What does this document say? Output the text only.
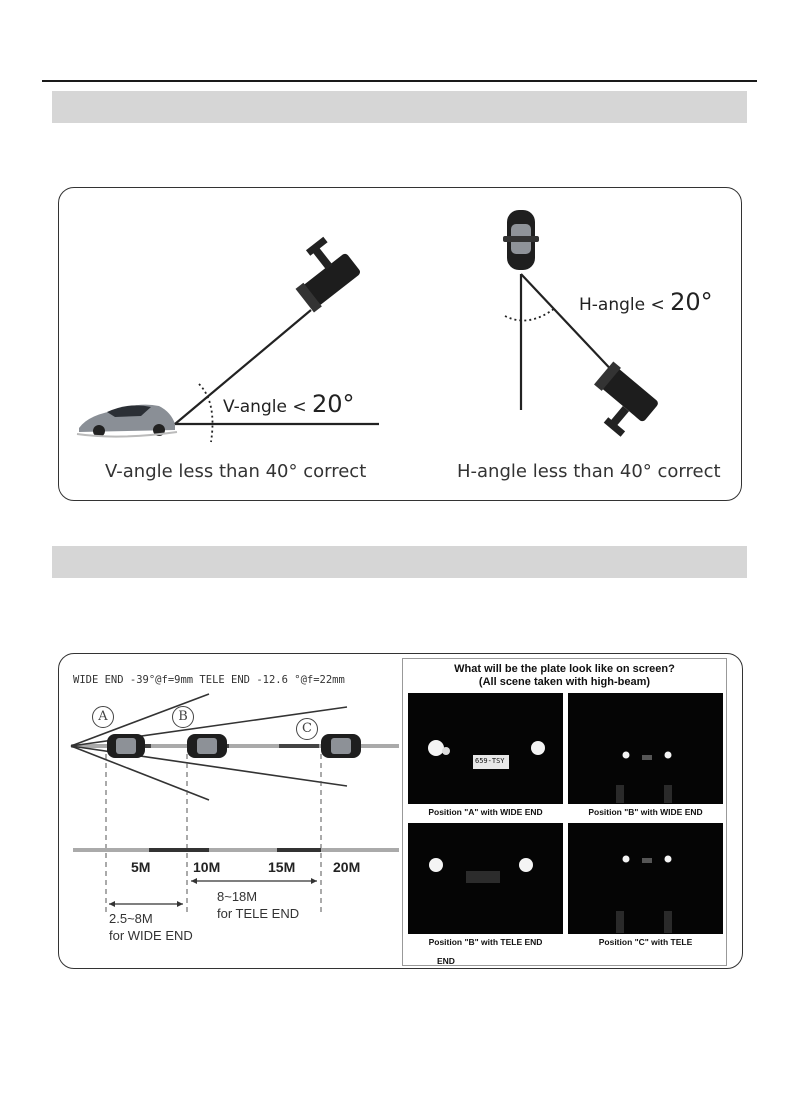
V-angle < 20°
H-angle < 20°
V-angle less than 40° correct	H-angle less than 40° correct
WIDE END -39°@f=9mm TELE END -12.6 °@f=22mm
A	B
C
5M	10M	15M	20M
2.5~8M
for WIDE END
8~18M
for TELE END
What will be the plate look like on screen?
(All scene taken with high-beam)
659-TSY
Position "A" with WIDE END	Position "B" with WIDE END
Position "B" with TELE END	Position "C" with TELE
END
